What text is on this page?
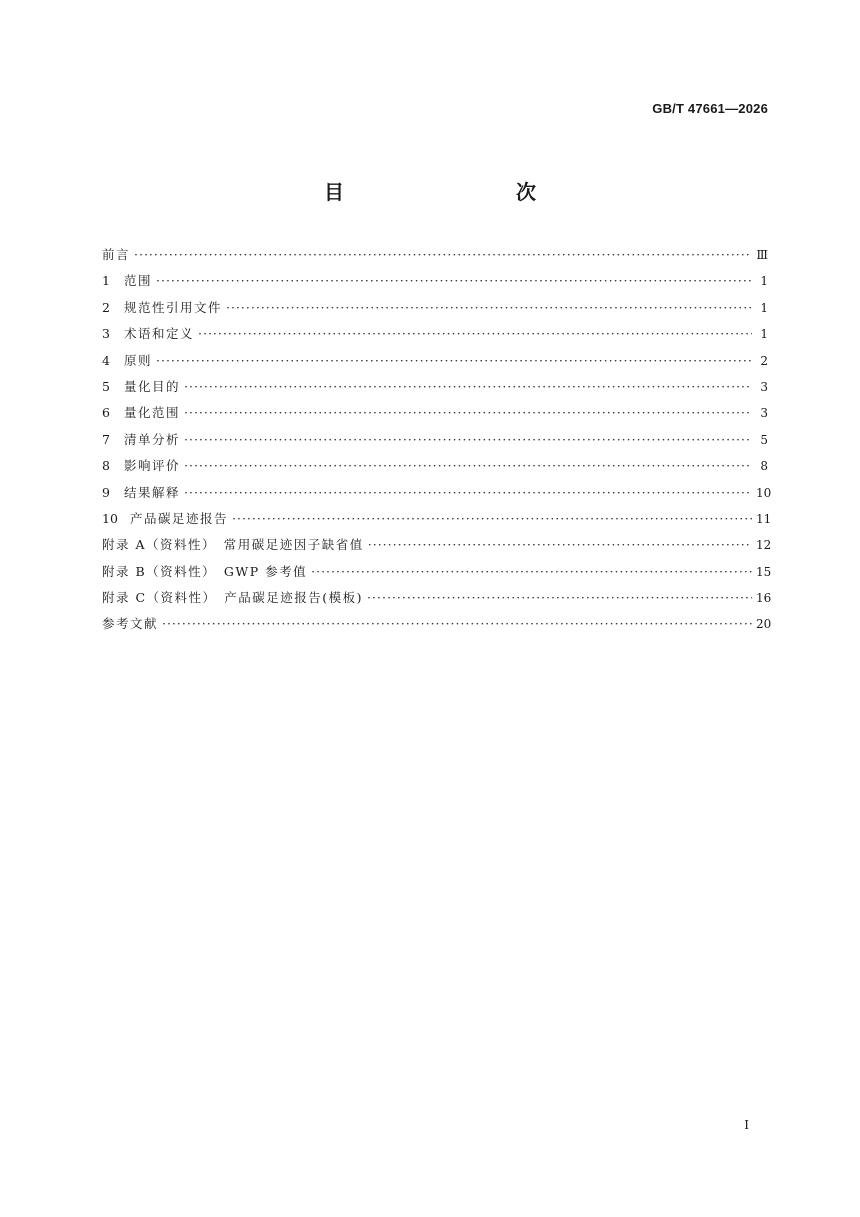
GB/T 47661—2026
目　　次
前言 ·····	Ⅲ
1	范围 ·····	1
2	规范性引用文件 ·····	1
3	术语和定义 ·····	1
4	原则 ·····	2
5	量化目的 ·····	3
6	量化范围 ·····	3
7	清单分析 ·····	5
8	影响评价 ·····	8
9	结果解释 ·····	10
10 产品碳足迹报告 ·····	11
附录 A（资料性）　常用碳足迹因子缺省值 ·····	12
附录 B（资料性）　GWP 参考值 ·····	15
附录 C（资料性）　产品碳足迹报告(模板) ·····	16
参考文献 ·····	20
I
